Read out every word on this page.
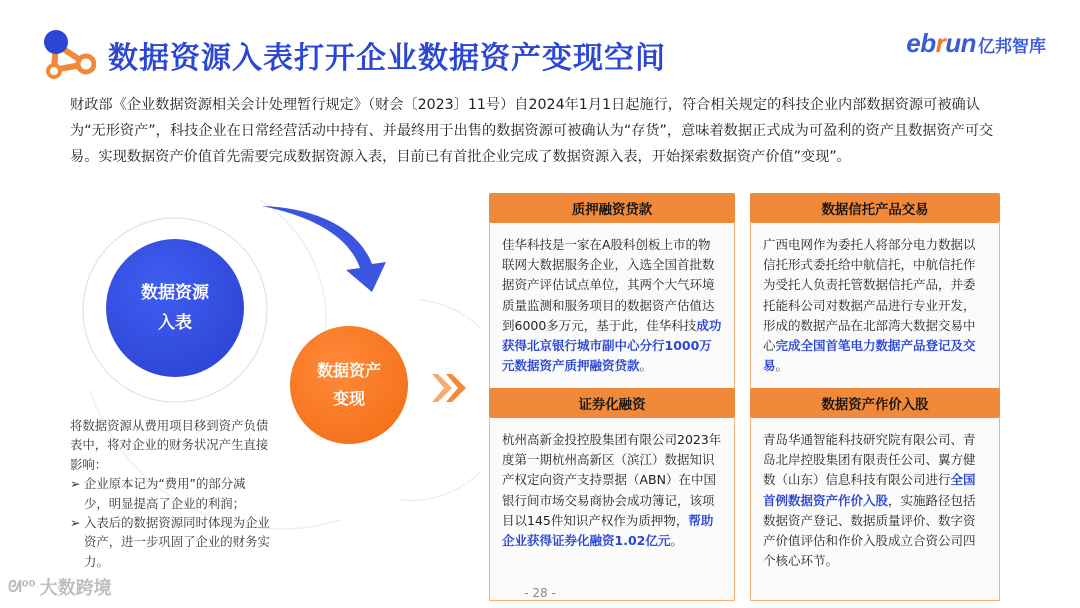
数据资源入表打开企业数据资产变现空间	ebrun 亿邦智库

财政部《企业数据资源相关会计处理暂行规定》（财会〔2023〕11号）自2024年1月1日起施行，符合相关规定的科技企业内部数据资源可被确认为“无形资产”，科技企业在日常经营活动中持有、并最终用于出售的数据资源可被确认为“存货”，意味着数据正式成为可盈利的资产且数据资产可交易。实现数据资产价值首先需要完成数据资源入表，目前已有首批企业完成了数据资源入表，开始探索数据资产价值”变现”。

数据资源
入表
数据资产
变现
将数据资源从费用项目移到资产负债表中，将对企业的财务状况产生直接影响：
➢ 企业原本记为“费用”的部分减少，明显提高了企业的利润；
➢ 入表后的数据资源同时体现为企业资产，进一步巩固了企业的财务实力。
质押融资贷款
佳华科技是一家在A股科创板上市的物联网大数据服务企业，入选全国首批数据资产评估试点单位，其两个大气环境质量监测和服务项目的数据资产估值达到6000多万元，基于此，佳华科技成功获得北京银行城市副中心分行1000万元数据资产质押融资贷款。
数据信托产品交易
广西电网作为委托人将部分电力数据以信托形式委托给中航信托，中航信托作为受托人负责托管数据信托产品，并委托能科公司对数据产品进行专业开发，形成的数据产品在北部湾大数据交易中心完成全国首笔电力数据产品登记及交易。
证券化融资
杭州高新金投控股集团有限公司2023年度第一期杭州高新区（滨江）数据知识产权定向资产支持票据（ABN）在中国银行间市场交易商协会成功簿记，该项目以145件知识产权作为质押物，帮助企业获得证券化融资1.02亿元。
数据资产作价入股
青岛华通智能科技研究院有限公司、青岛北岸控股集团有限责任公司、翼方健数（山东）信息科技有限公司进行全国首例数据资产作价入股，实施路径包括数据资产登记、数据质量评价、数字资产价值评估和作价入股成立合资公司四个核心环节。
- 28 -
ᘛ⁰⁰ 大数跨境
